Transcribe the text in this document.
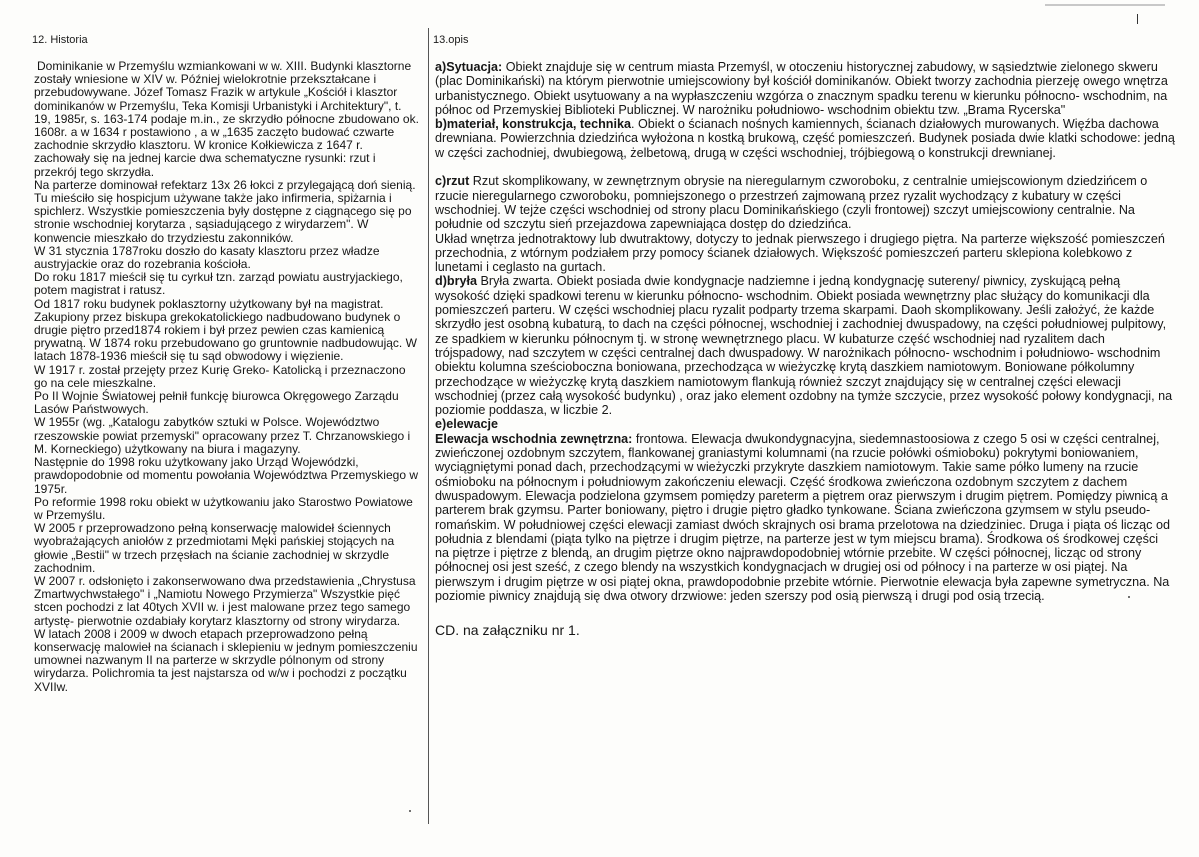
12. Historia

Dominikanie w Przemyślu wzmiankowani w w. XIII. Budynki klasztorne zostały wniesione w XIV w. Później wielokrotnie przekształcane i przebudowywane. Józef Tomasz Frazik w artykule „Kościół i klasztor dominikanów w Przemyślu, Teka Komisji Urbanistyki i Architektury", t. 19, 1985r, s. 163-174 podaje m.in., ze skrzydło północne zbudowano ok. 1608r. a w 1634 r postawiono , a w „1635 zaczęto budować czwarte zachodnie skrzydło klasztoru. W kronice Kołkiewicza z 1647 r. zachowały się na jednej karcie dwa schematyczne rysunki: rzut i przekrój tego skrzydła.

Na parterze dominował refektarz 13x 26 łokci z przylegającą doń sienią. Tu mieściło się hospicjum używane także jako infirmeria, spiżarnia i spichlerz. Wszystkie pomieszczenia były dostępne z ciągnącego się po stronie wschodniej korytarza , sąsiadującego z wirydarzem". W konwencie mieszkało do trzydziestu zakonników.

W 31 stycznia 1787roku doszło do kasaty klasztoru przez władze austryjackie oraz do rozebrania kościoła.

Do roku 1817 mieścił się tu cyrkuł tzn. zarząd powiatu austryjackiego, potem magistrat i ratusz.

Od 1817 roku budynek poklasztorny użytkowany był na magistrat. Zakupiony przez biskupa grekokatolickiego nadbudowano budynek o drugie piętro przed1874 rokiem i był przez pewien czas kamienicą prywatną. W 1874 roku przebudowano go gruntownie nadbudowując. W latach 1878-1936 mieścił się tu sąd obwodowy i więzienie.

W 1917 r. został przejęty przez Kurię Greko- Katolicką i przeznaczono go na cele mieszkalne.

Po II Wojnie Światowej pełnił funkcję biurowca Okręgowego Zarządu Lasów Państwowych.

W 1955r (wg. „Katalogu zabytków sztuki w Polsce. Województwo rzeszowskie powiat przemyski" opracowany przez T. Chrzanowskiego i M. Korneckiego) użytkowany na biura i magazyny.

Następnie do 1998 roku użytkowany jako Urząd Wojewódzki, prawdopodobnie od momentu powołania Województwa Przemyskiego w 1975r.

Po reformie 1998 roku obiekt w użytkowaniu jako Starostwo Powiatowe w Przemyślu.

W 2005 r przeprowadzono pełną konserwację malowideł ściennych wyobrażających aniołów z przedmiotami Męki pańskiej stojących na głowie „Bestii" w trzech przęsłach na ścianie zachodniej w skrzydle zachodnim.

W 2007 r. odsłonięto i zakonserwowano dwa przedstawienia „Chrystusa Zmartwychwstałego" i „Namiotu Nowego Przymierza" Wszystkie pięć stcen pochodzi z lat 40tych XVII w. i jest malowane przez tego samego artystę- pierwotnie ozdabiały korytarz klasztorny od strony wirydarza.

W latach 2008 i 2009 w dwoch etapach przeprowadzono pełną konserwację malowieł na ścianach i sklepieniu w jednym pomieszczeniu umownei nazwanym II na parterze w skrzydle pólnonym od strony wirydarza. Polichromia ta jest najstarsza od w/w i pochodzi z początku XVIIw.

13.opis

a)Sytuacja: Obiekt znajduje się w centrum miasta Przemyśl, w otoczeniu historycznej zabudowy, w sąsiedztwie zielonego skweru (plac Dominikański) na którym pierwotnie umiejscowiony był kościół dominikanów. Obiekt tworzy zachodnia pierzeję owego wnętrza urbanistycznego. Obiekt usytuowany a na wypłaszczeniu wzgórza o znacznym spadku terenu w kierunku północno- wschodnim, na północ od Przemyskiej Biblioteki Publicznej. W narożniku południowo- wschodnim obiektu tzw. „Brama Rycerska"

b)materiał, konstrukcja, technika. Obiekt o ścianach nośnych kamiennych, ścianach działowych murowanych. Więźba dachowa drewniana. Powierzchnia dziedzińca wyłożona n kostką brukową, część pomieszczeń. Budynek posiada dwie klatki schodowe: jedną w części zachodniej, dwubiegową, żelbetową, drugą w części wschodniej, trójbiegową o konstrukcji drewnianej.

c)rzut Rzut skomplikowany, w zewnętrznym obrysie na nieregularnym czworoboku, z centralnie umiejscowionym dziedzińcem o rzucie nieregularnego czworoboku, pomniejszonego o przestrzeń zajmowaną przez ryzalit wychodzący z kubatury w części wschodniej. W tejże części wschodniej od strony placu Dominikańskiego (czyli frontowej) szczyt umiejscowiony centralnie. Na południe od szczytu sień przejazdowa zapewniająca dostęp do dziedzińca.
Układ wnętrza jednotraktowy lub dwutraktowy, dotyczy to jednak pierwszego i drugiego piętra. Na parterze większość pomieszczeń przechodnia, z wtórnym podziałem przy pomocy ścianek działowych. Większość pomieszczeń parteru sklepiona kolebkowo z lunetami i ceglasto na gurtach.

d)bryła Bryła zwarta. Obiekt posiada dwie kondygnacje nadziemne i jedną kondygnację sutereny/ piwnicy, zyskującą pełną wysokość dzięki spadkowi terenu w kierunku północno- wschodnim. Obiekt posiada wewnętrzny plac służący do komunikacji dla pomieszczeń parteru. W części wschodniej placu ryzalit podparty trzema skarpami. Daoh skomplikowany. Jeśli założyć, że każde skrzydło jest osobną kubaturą, to dach na części północnej, wschodniej i zachodniej dwuspadowy, na części południowej pulpitowy, ze spadkiem w kierunku północnym tj. w stronę wewnętrznego placu. W kubaturze część wschodniej nad ryzalitem dach trójspadowy, nad szczytem w części centralnej dach dwuspadowy. W narożnikach północno- wschodnim i południowo- wschodnim obiektu kolumna sześcioboczna boniowana, przechodząca w wieżyczkę krytą daszkiem namiotowym. Boniowane półkolumny przechodzące w wieżyczkę krytą daszkiem namiotowym flankują również szczyt znajdujący się w centralnej części elewacji wschodniej (przez całą wysokość budynku) , oraz jako element ozdobny na tymże szczycie, przez wysokość połowy kondygnacji, na poziomie poddasza, w liczbie 2.

e)elewacje

Elewacja wschodnia zewnętrzna: frontowa. Elewacja dwukondygnacyjna, siedemnastoosiowa z czego 5 osi w części centralnej, zwieńczonej ozdobnym szczytem, flankowanej graniastymi kolumnami (na rzucie połówki ośmioboku) pokrytymi boniowaniem, wyciągniętymi ponad dach, przechodzącymi w wieżyczki przykryte daszkiem namiotowym. Takie same półko lumeny na rzucie ośmioboku na północnym i południowym zakończeniu elewacji. Część środkowa zwieńczona ozdobnym szczytem z dachem dwuspadowym. Elewacja podzielona gzymsem pomiędzy pareterm a piętrem oraz pierwszym i drugim piętrem. Pomiędzy piwnicą a parterem brak gzymsu. Parter boniowany, piętro i drugie piętro gładko tynkowane. Ściana zwieńczona gzymsem w stylu pseudo- romańskim. W południowej części elewacji zamiast dwóch skrajnych osi brama przelotowa na dziedziniec. Druga i piąta oś licząc od południa z blendami (piąta tylko na piętrze i drugim piętrze, na parterze jest w tym miejscu brama). Środkowa oś środkowej części na piętrze i piętrze z blendą, an drugim piętrze okno najprawdopodobniej wtórnie przebite. W części północnej, licząc od strony północnej osi jest sześć, z czego blendy na wszystkich kondygnacjach w drugiej osi od północy i na parterze w osi piątej. Na pierwszym i drugim piętrze w osi piątej okna, prawdopodobnie przebite wtórnie. Pierwotnie elewacja była zapewne symetryczna. Na poziomie piwnicy znajdują się dwa otwory drzwiowe: jeden szerszy pod osią pierwszą i drugi pod osią trzecią.

CD. na załączniku nr 1.
